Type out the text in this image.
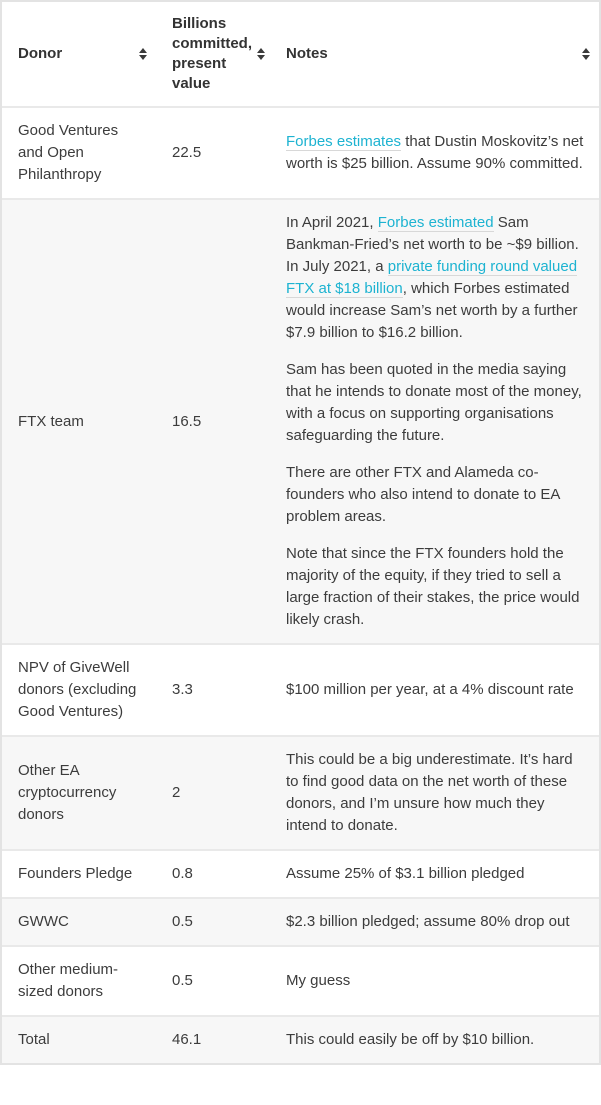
Donor	Billions committed, present value	Notes

Good Ventures and Open Philanthropy	22.5	Forbes estimates that Dustin Moskovitz’s net worth is $25 billion. Assume 90% committed.

FTX team	16.5	In April 2021, Forbes estimated Sam Bankman-Fried’s net worth to be ~$9 billion.

In July 2021, a private funding round valued FTX at $18 billion, which Forbes estimated would increase Sam’s net worth by a further $7.9 billion to $16.2 billion.

Sam has been quoted in the media saying that he intends to donate most of the money, with a focus on supporting organisations safeguarding the future.

There are other FTX and Alameda co-founders who also intend to donate to EA problem areas.

Note that since the FTX founders hold the majority of the equity, if they tried to sell a large fraction of their stakes, the price would likely crash.

NPV of GiveWell donors (excluding Good Ventures)	3.3	$100 million per year, at a 4% discount rate

Other EA cryptocurrency donors	2	This could be a big underestimate. It’s hard to find good data on the net worth of these donors, and I’m unsure how much they intend to donate.

Founders Pledge	0.8	Assume 25% of $3.1 billion pledged

GWWC	0.5	$2.3 billion pledged; assume 80% drop out

Other medium-sized donors	0.5	My guess

Total	46.1	This could easily be off by $10 billion.
